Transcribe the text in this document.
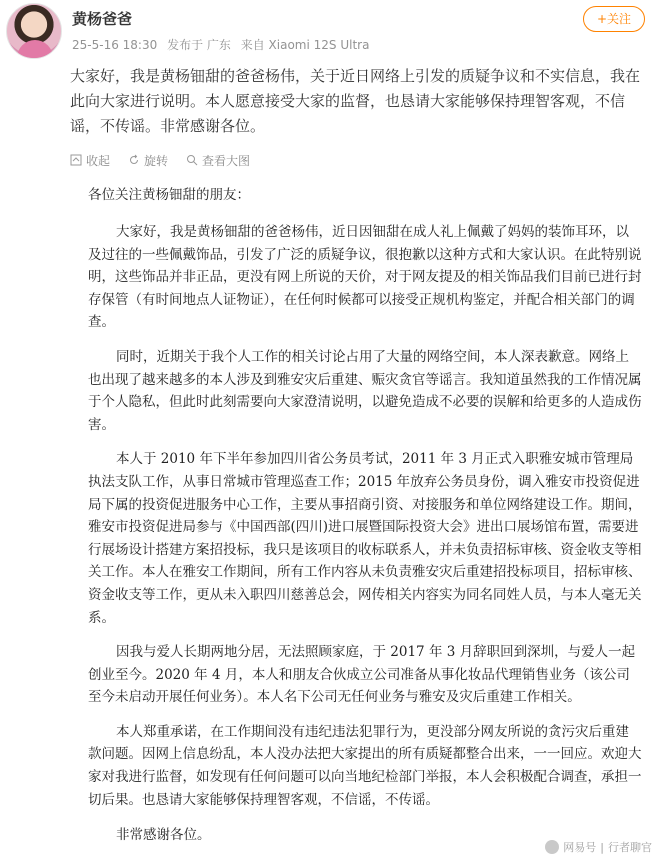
黄杨爸爸
25-5-16 18:30 发布于 广东 来自 Xiaomi 12S Ultra
+关注
大家好，我是黄杨钿甜的爸爸杨伟，关于近日网络上引发的质疑争议和不实信息，我在此向大家进行说明。本人愿意接受大家的监督，也恳请大家能够保持理智客观，不信谣，不传谣。非常感谢各位。
收起	旋转	查看大图
各位关注黄杨钿甜的朋友：
大家好，我是黄杨钿甜的爸爸杨伟，近日因钿甜在成人礼上佩戴了妈妈的装饰耳环，以及过往的一些佩戴饰品，引发了广泛的质疑争议，很抱歉以这种方式和大家认识。在此特别说明，这些饰品并非正品，更没有网上所说的天价，对于网友提及的相关饰品我们目前已进行封存保管（有时间地点人证物证），在任何时候都可以接受正规机构鉴定，并配合相关部门的调查。
同时，近期关于我个人工作的相关讨论占用了大量的网络空间，本人深表歉意。网络上也出现了越来越多的本人涉及到雅安灾后重建、赈灾贪官等谣言。我知道虽然我的工作情况属于个人隐私，但此时此刻需要向大家澄清说明，以避免造成不必要的误解和给更多的人造成伤害。
本人于 2010 年下半年参加四川省公务员考试，2011 年 3 月正式入职雅安城市管理局执法支队工作，从事日常城市管理巡查工作；2015 年放弃公务员身份，调入雅安市投资促进局下属的投资促进服务中心工作，主要从事招商引资、对接服务和单位网络建设工作。期间，雅安市投资促进局参与《中国西部(四川)进口展暨国际投资大会》进出口展场馆布置，需要进行展场设计搭建方案招投标，我只是该项目的收标联系人，并未负责招标审核、资金收支等相关工作。本人在雅安工作期间，所有工作内容从未负责雅安灾后重建招投标项目，招标审核、资金收支等工作，更从未入职四川慈善总会，网传相关内容实为同名同姓人员，与本人毫无关系。
因我与爱人长期两地分居，无法照顾家庭，于 2017 年 3 月辞职回到深圳，与爱人一起创业至今。2020 年 4 月，本人和朋友合伙成立公司准备从事化妆品代理销售业务（该公司至今未启动开展任何业务）。本人名下公司无任何业务与雅安及灾后重建工作相关。
本人郑重承诺，在工作期间没有违纪违法犯罪行为，更没部分网友所说的贪污灾后重建款问题。因网上信息纷乱，本人没办法把大家提出的所有质疑都整合出来，一一回应。欢迎大家对我进行监督，如发现有任何问题可以向当地纪检部门举报，本人会积极配合调查，承担一切后果。也恳请大家能够保持理智客观，不信谣，不传谣。
非常感谢各位。
网易号 | 行者聊官
